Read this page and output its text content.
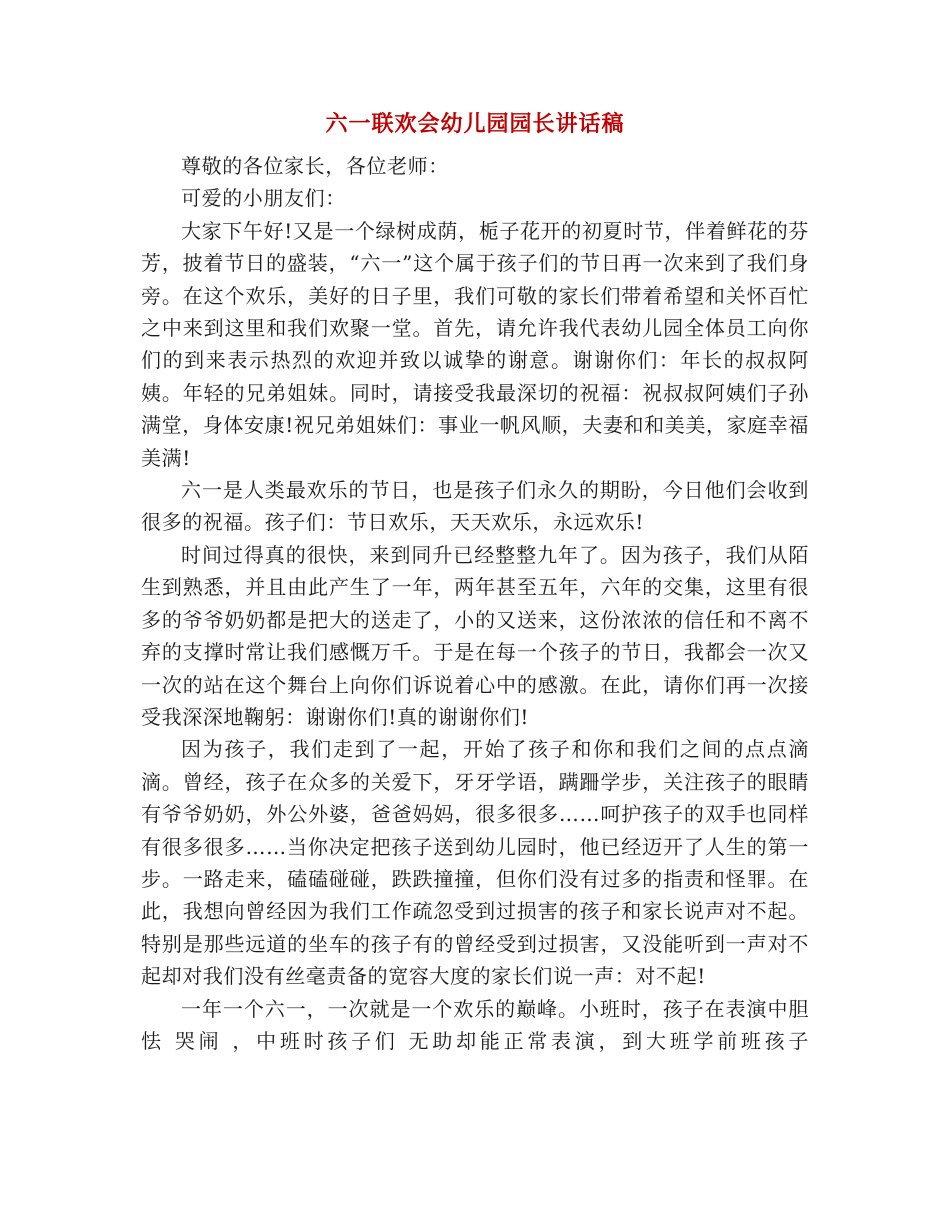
六一联欢会幼儿园园长讲话稿

尊敬的各位家长，各位老师：

可爱的小朋友们：

大家下午好!又是一个绿树成荫，栀子花开的初夏时节，伴着鲜花的芬芳，披着节日的盛装，“六一”这个属于孩子们的节日再一次来到了我们身旁。在这个欢乐，美好的日子里，我们可敬的家长们带着希望和关怀百忙之中来到这里和我们欢聚一堂。首先，请允许我代表幼儿园全体员工向你们的到来表示热烈的欢迎并致以诚挚的谢意。谢谢你们：年长的叔叔阿姨。年轻的兄弟姐妹。同时，请接受我最深切的祝福：祝叔叔阿姨们子孙满堂，身体安康!祝兄弟姐妹们：事业一帆风顺，夫妻和和美美，家庭幸福美满!

六一是人类最欢乐的节日，也是孩子们永久的期盼，今日他们会收到很多的祝福。孩子们：节日欢乐，天天欢乐，永远欢乐!

时间过得真的很快，来到同升已经整整九年了。因为孩子，我们从陌生到熟悉，并且由此产生了一年，两年甚至五年，六年的交集，这里有很多的爷爷奶奶都是把大的送走了，小的又送来，这份浓浓的信任和不离不弃的支撑时常让我们感慨万千。于是在每一个孩子的节日，我都会一次又一次的站在这个舞台上向你们诉说着心中的感激。在此，请你们再一次接受我深深地鞠躬：谢谢你们!真的谢谢你们!

因为孩子，我们走到了一起，开始了孩子和你和我们之间的点点滴滴。曾经，孩子在众多的关爱下，牙牙学语，蹒跚学步，关注孩子的眼睛有爷爷奶奶，外公外婆，爸爸妈妈，很多很多……呵护孩子的双手也同样有很多很多……当你决定把孩子送到幼儿园时，他已经迈开了人生的第一步。一路走来，磕磕碰碰，跌跌撞撞，但你们没有过多的指责和怪罪。在此，我想向曾经因为我们工作疏忽受到过损害的孩子和家长说声对不起。特别是那些远道的坐车的孩子有的曾经受到过损害，又没能听到一声对不起却对我们没有丝毫责备的宽容大度的家长们说一声：对不起!

一年一个六一，一次就是一个欢乐的巅峰。小班时，孩子在表演中胆怯 哭闹 ，中班时孩子们 无助却能正常表演，到大班学前班孩子
